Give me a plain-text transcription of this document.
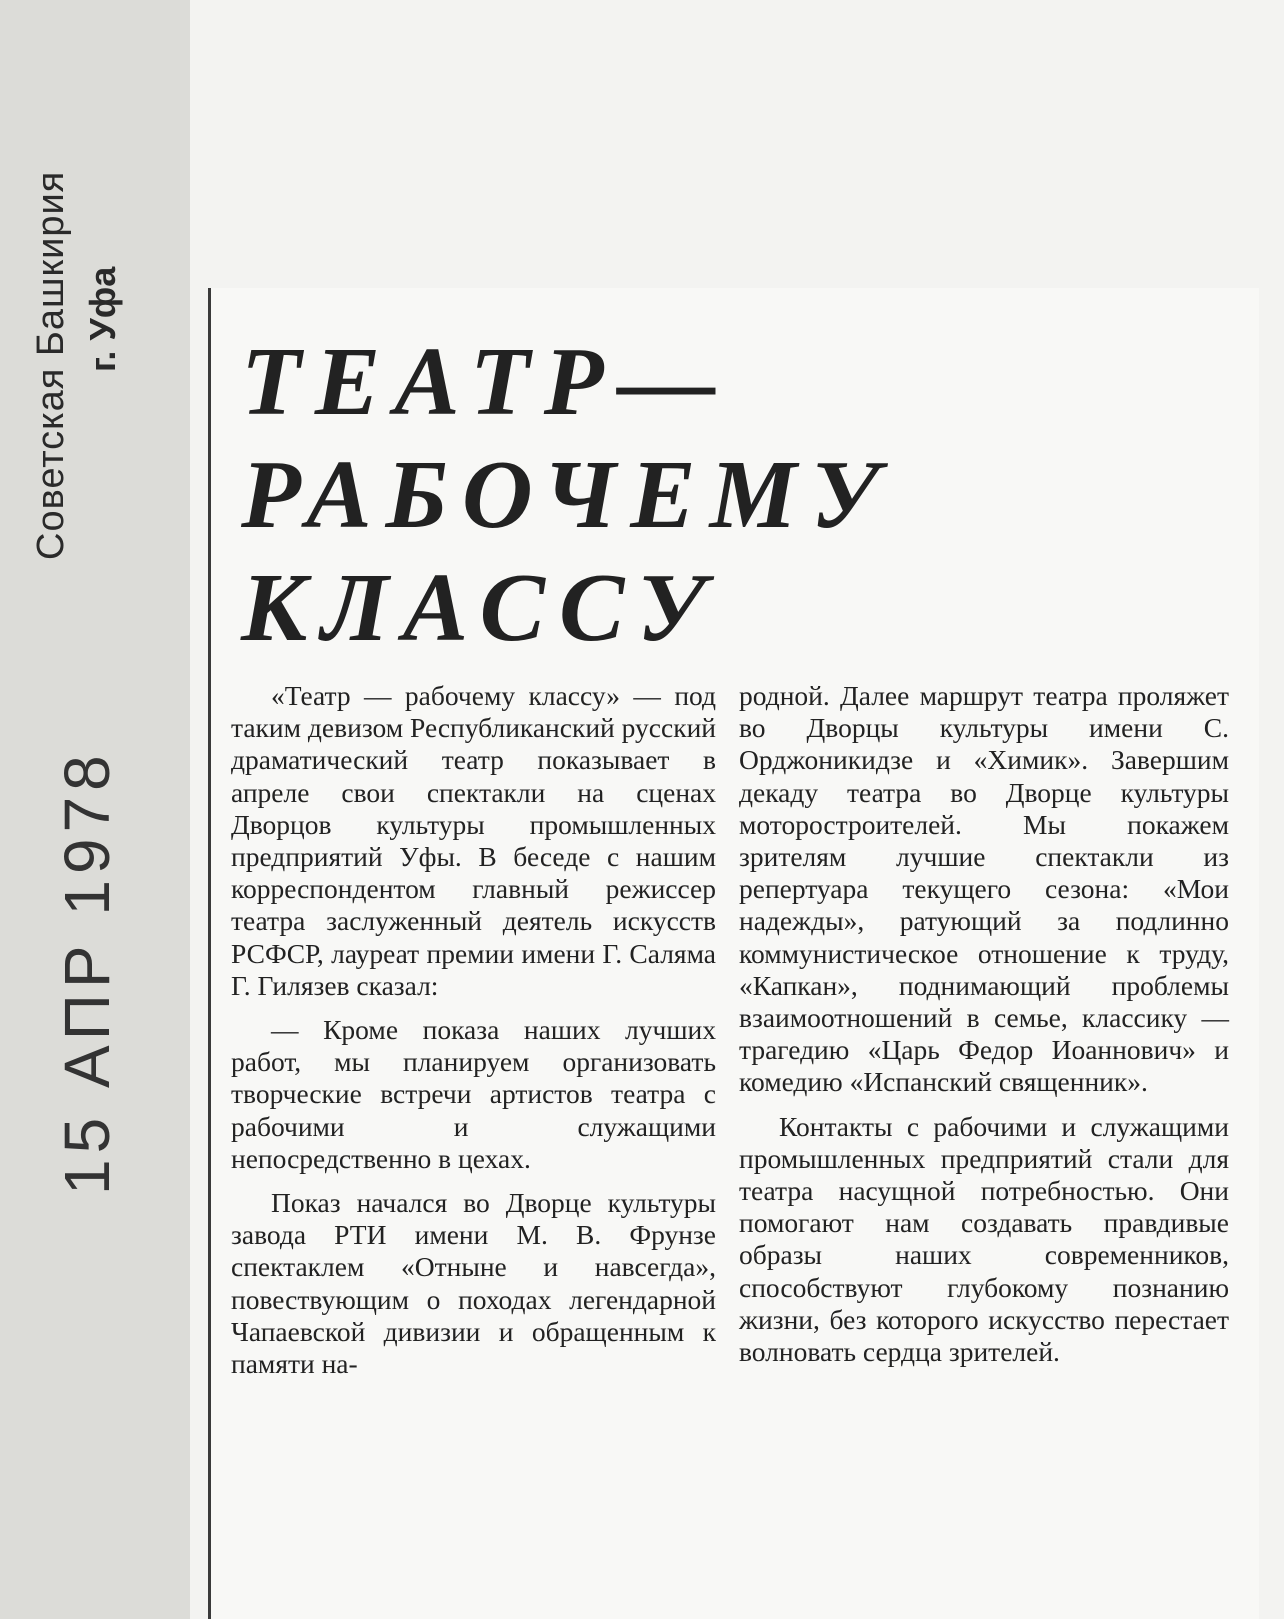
Советская Башкирия г. Уфа
15 АПР 1978
ТЕАТР—
РАБОЧЕМУ
КЛАССУ

«Театр — рабочему классу» — под таким девизом Республиканский русский драматический театр показывает в апреле свои спектакли на сценах Дворцов культуры промышленных предприятий Уфы. В беседе с нашим корреспондентом главный режиссер театра заслуженный деятель искусств РСФСР, лауреат премии имени Г. Саляма Г. Гилязев сказал:

— Кроме показа наших лучших работ, мы планируем организовать творческие встречи артистов театра с рабочими и служащими непосредственно в цехах.

Показ начался во Дворце культуры завода РТИ имени М. В. Фрунзе спектаклем «Отныне и навсегда», повествующим о походах легендарной Чапаевской дивизии и обращенным к памяти на-

родной. Далее маршрут театра проляжет во Дворцы культуры имени С. Орджоникидзе и «Химик». Завершим декаду театра во Дворце культуры моторостроителей. Мы покажем зрителям лучшие спектакли из репертуара текущего сезона: «Мои надежды», ратующий за подлинно коммунистическое отношение к труду, «Капкан», поднимающий проблемы взаимоотношений в семье, классику — трагедию «Царь Федор Иоаннович» и комедию «Испанский священник».

Контакты с рабочими и служащими промышленных предприятий стали для театра насущной потребностью. Они помогают нам создавать правдивые образы наших современников, способствуют глубокому познанию жизни, без которого искусство перестает волновать сердца зрителей.
